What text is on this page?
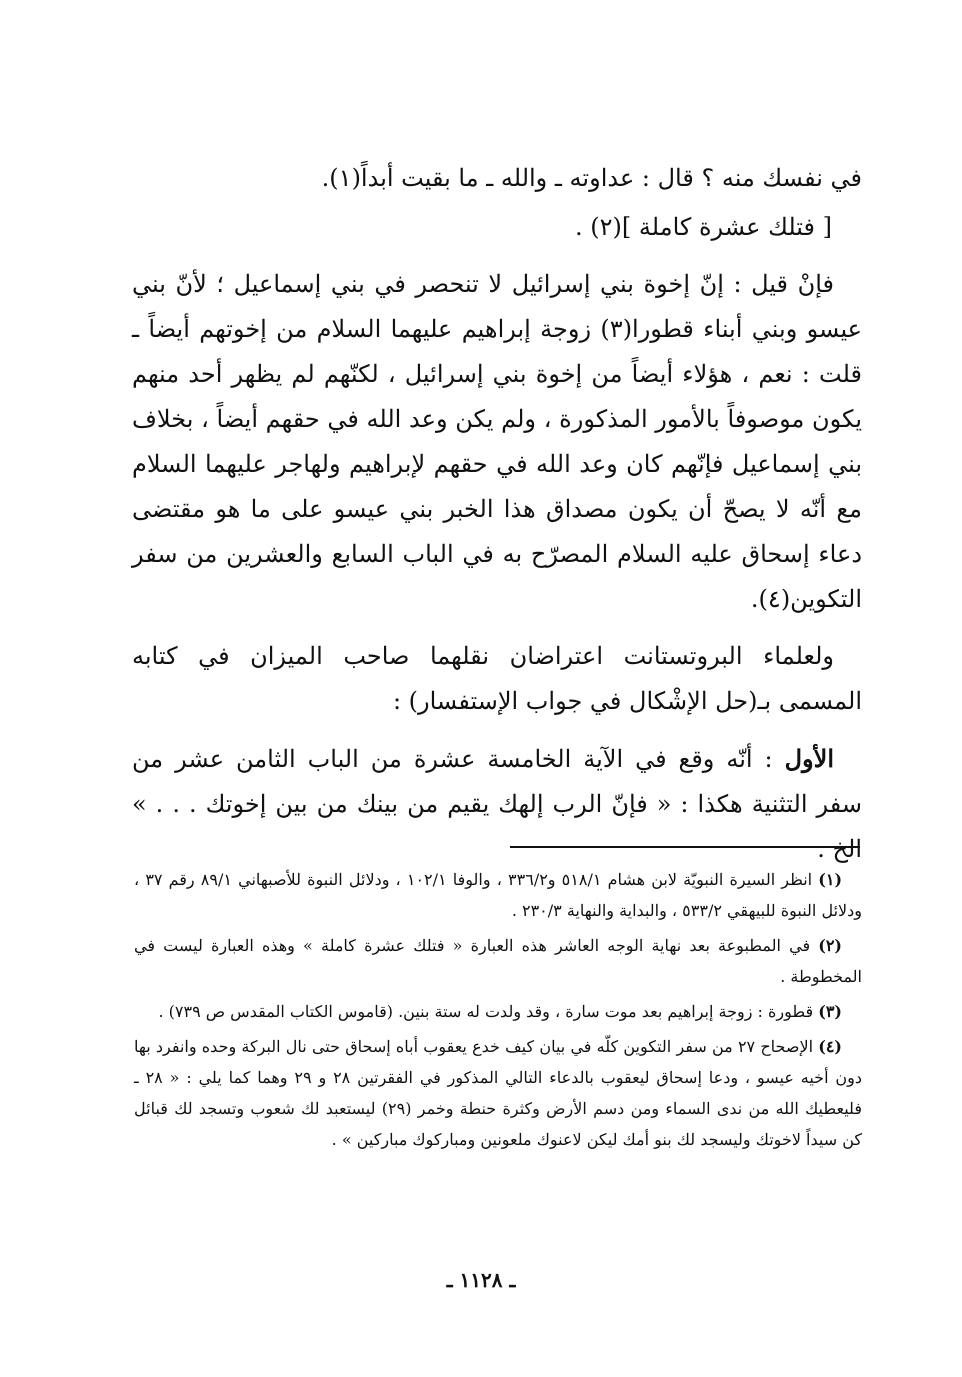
في نفسك منه ؟ قال : عداوته ـ والله ـ ما بقيت أبداً(١).

[ فتلك عشرة كاملة ](٢) .

فإنْ قيل : إنّ إخوة بني إسرائيل لا تنحصر في بني إسماعيل ؛ لأنّ بني عيسو وبني أبناء قطورا(٣) زوجة إبراهيم عليهما السلام من إخوتهم أيضاً ـ قلت : نعم ، هؤلاء أيضاً من إخوة بني إسرائيل ، لكنّهم لم يظهر أحد منهم يكون موصوفاً بالأمور المذكورة ، ولم يكن وعد الله في حقهم أيضاً ، بخلاف بني إسماعيل فإنّهم كان وعد الله في حقهم لإبراهيم ولهاجر عليهما السلام مع أنّه لا يصحّ أن يكون مصداق هذا الخبر بني عيسو على ما هو مقتضى دعاء إسحاق عليه السلام المصرّح به في الباب السابع والعشرين من سفر التكوين(٤).

ولعلماء البروتستانت اعتراضان نقلهما صاحب الميزان في كتابه المسمى بـ(حل الإشْكال في جواب الإستفسار) :

الأول : أنّه وقع في الآية الخامسة عشرة من الباب الثامن عشر من سفر التثنية هكذا : « فإنّ الرب إلهك يقيم من بينك من بين إخوتك . . . » الخ .

(١) انظر السيرة النبويّة لابن هشام ٥١٨/١ و٣٣٦/٢ ، والوفا ١٠٢/١ ، ودلائل النبوة للأصبهاني ٨٩/١ رقم ٣٧ ، ودلائل النبوة للبيهقي ٥٣٣/٢ ، والبداية والنهاية ٢٣٠/٣ .

(٢) في المطبوعة بعد نهاية الوجه العاشر هذه العبارة « فتلك عشرة كاملة » وهذه العبارة ليست في المخطوطة .

(٣) قطورة : زوجة إبراهيم بعد موت سارة ، وقد ولدت له ستة بنين. (قاموس الكتاب المقدس ص ٧٣٩) .

(٤) الإصحاح ٢٧ من سفر التكوين كلّه في بيان كيف خدع يعقوب أباه إسحاق حتى نال البركة وحده وانفرد بها دون أخيه عيسو ، ودعا إسحاق ليعقوب بالدعاء التالي المذكور في الفقرتين ٢٨ و ٢٩ وهما كما يلي : « ٢٨ ـ فليعطيك الله من ندى السماء ومن دسم الأرض وكثرة حنطة وخمر (٢٩) ليستعبد لك شعوب وتسجد لك قبائل كن سيداً لاخوتك وليسجد لك بنو أمك ليكن لاعنوك ملعونين ومباركوك مباركين » .

ـ ١١٢٨ ـ
